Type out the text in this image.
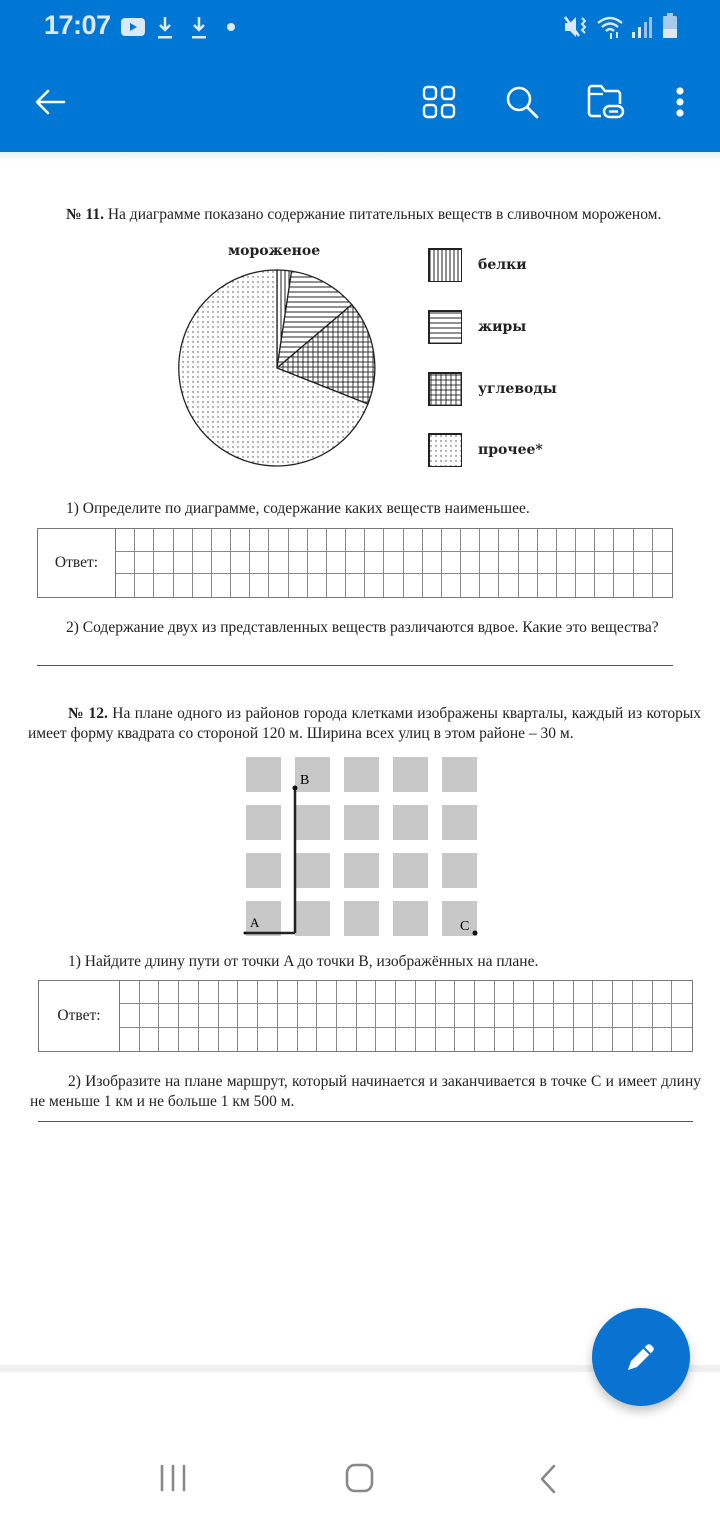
17:07
№ 11. На диаграмме показано содержание питательных веществ в сливочном мороженом.
мороженое
белки
жиры
углеводы
прочее*
1) Определите по диаграмме, содержание каких веществ наименьшее.
Ответ:
2) Содержание двух из представленных веществ различаются вдвое. Какие это вещества?
№ 12. На плане одного из районов города клетками изображены кварталы, каждый из которых имеет форму квадрата со стороной 120 м. Ширина всех улиц в этом районе – 30 м.
B
A	C
1) Найдите длину пути от точки A до точки B, изображённых на плане.
Ответ:
2) Изобразите на плане маршрут, который начинается и заканчивается в точке C и имеет длину не меньше 1 км и не больше 1 км 500 м.
